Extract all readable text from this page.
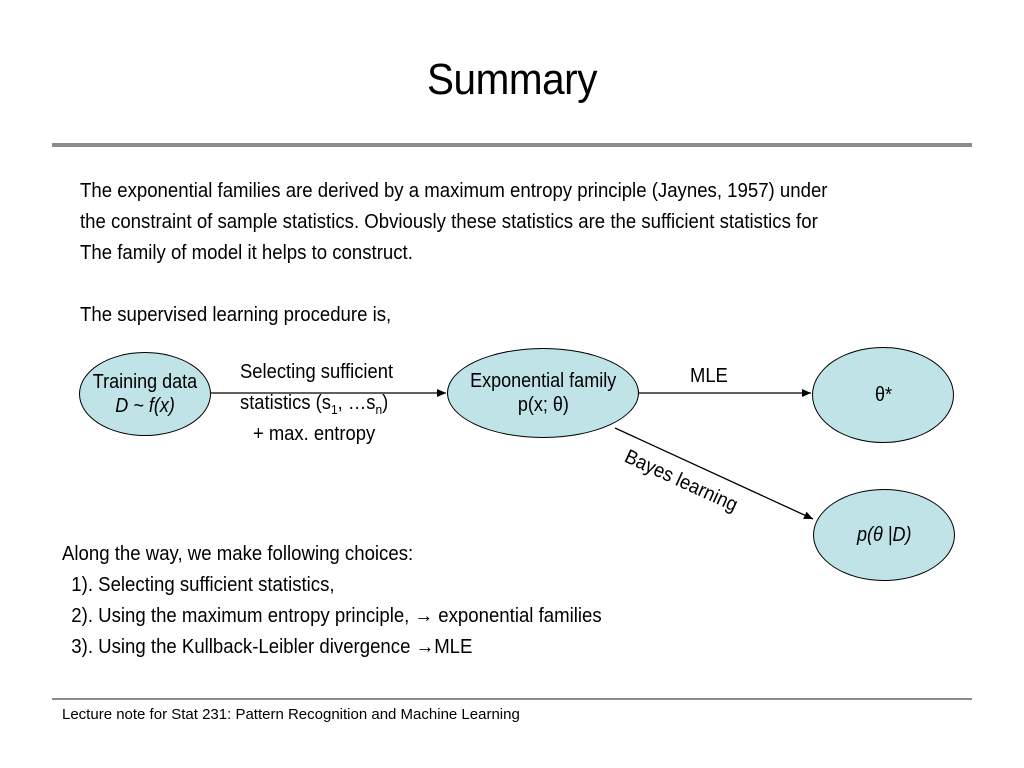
Summary
The exponential families are derived by a maximum entropy principle (Jaynes, 1957) under
the constraint of sample statistics. Obviously these statistics are the sufficient statistics for
The family of model it helps to construct.
The supervised learning procedure is,
Training data
D ~ f(x)
Exponential family
p(x; θ)	θ*
p(θ |D)
Selecting sufficient
statistics ($s_1$, $\dots s_n$)
+ max. entropy
MLE
Bayes learning
Along the way, we make following choices:
1). Selecting sufficient statistics,
2). Using the maximum entropy principle, → exponential families
3). Using the Kullback-Leibler divergence →MLE
Lecture note for Stat 231: Pattern Recognition and Machine Learning
